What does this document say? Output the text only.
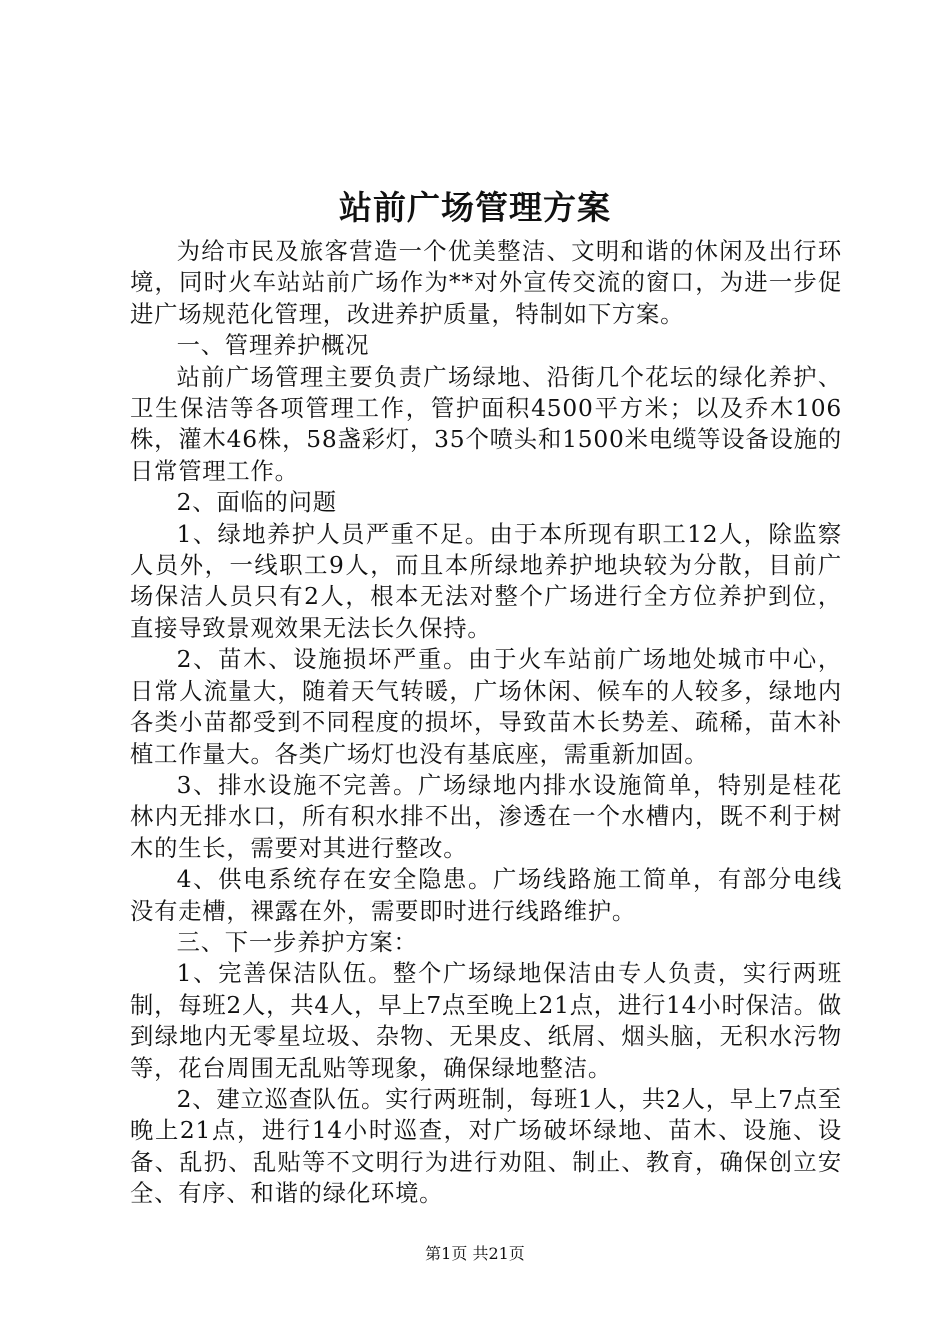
站前广场管理方案

为给市民及旅客营造一个优美整洁、文明和谐的休闲及出行环境，同时火车站站前广场作为**对外宣传交流的窗口，为进一步促进广场规范化管理，改进养护质量，特制如下方案。

一、管理养护概况

站前广场管理主要负责广场绿地、沿街几个花坛的绿化养护、卫生保洁等各项管理工作，管护面积4500平方米；以及乔木106株，灌木46株，58盏彩灯，35个喷头和1500米电缆等设备设施的日常管理工作。

2、面临的问题

1、绿地养护人员严重不足。由于本所现有职工12人，除监察人员外，一线职工9人，而且本所绿地养护地块较为分散，目前广场保洁人员只有2人，根本无法对整个广场进行全方位养护到位，直接导致景观效果无法长久保持。

2、苗木、设施损坏严重。由于火车站前广场地处城市中心，日常人流量大，随着天气转暖，广场休闲、候车的人较多，绿地内各类小苗都受到不同程度的损坏，导致苗木长势差、疏稀，苗木补植工作量大。各类广场灯也没有基底座，需重新加固。

3、排水设施不完善。广场绿地内排水设施简单，特别是桂花林内无排水口，所有积水排不出，渗透在一个水槽内，既不利于树木的生长，需要对其进行整改。

4、供电系统存在安全隐患。广场线路施工简单，有部分电线没有走槽，裸露在外，需要即时进行线路维护。

三、下一步养护方案：

1、完善保洁队伍。整个广场绿地保洁由专人负责，实行两班制，每班2人，共4人，早上7点至晚上21点，进行14小时保洁。做到绿地内无零星垃圾、杂物、无果皮、纸屑、烟头脑，无积水污物等，花台周围无乱贴等现象，确保绿地整洁。

2、建立巡查队伍。实行两班制，每班1人，共2人，早上7点至晚上21点，进行14小时巡查，对广场破坏绿地、苗木、设施、设备、乱扔、乱贴等不文明行为进行劝阻、制止、教育，确保创立安全、有序、和谐的绿化环境。

第1页 共21页
